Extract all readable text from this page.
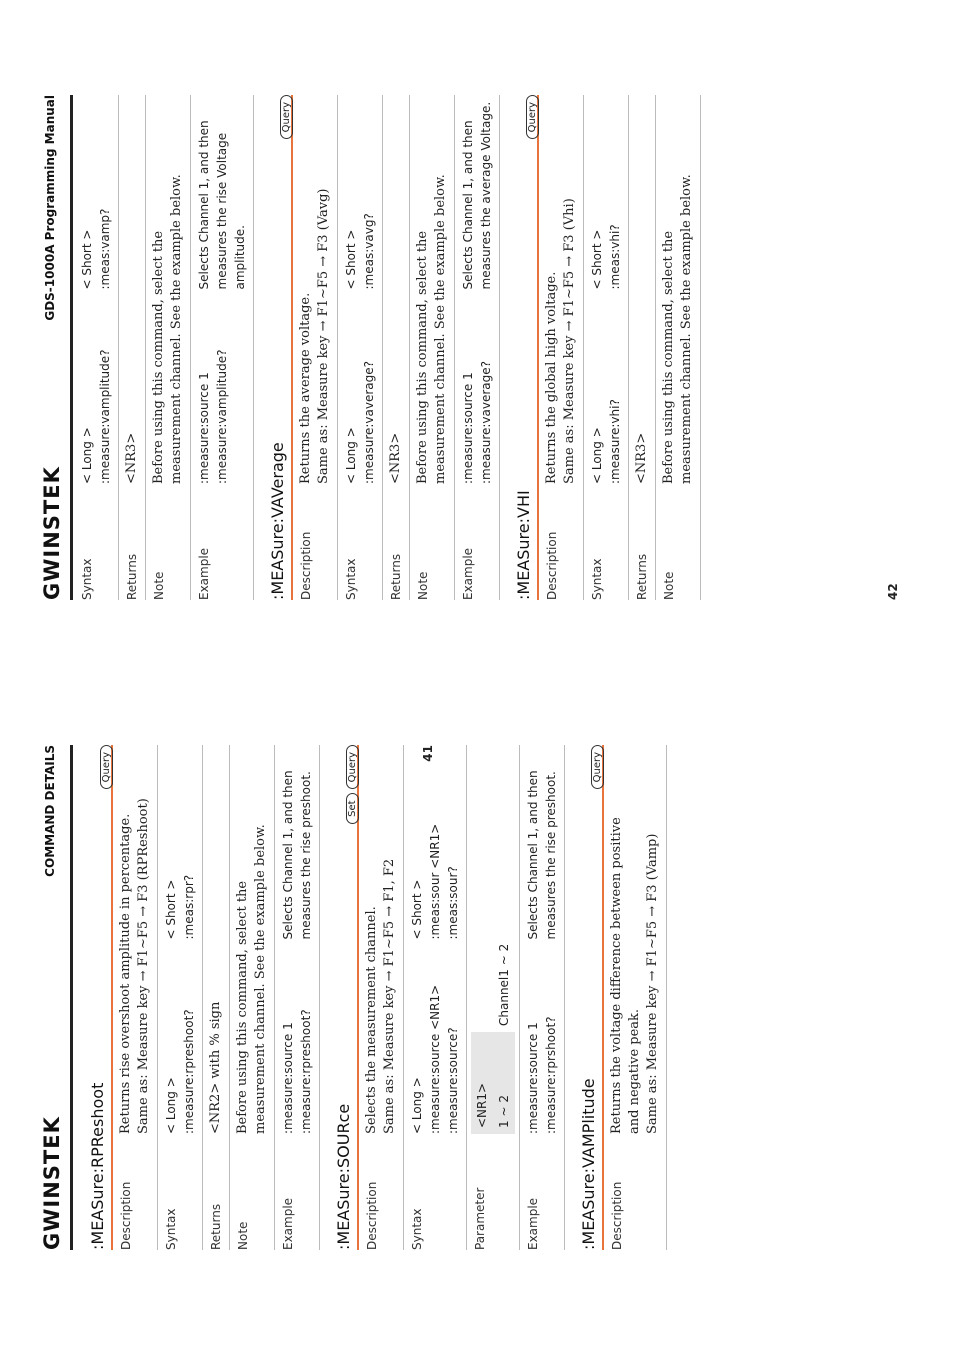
GWINSTEK
COMMAND DETAILS
:MEASure:RPReshoot
Query
Description
Returns rise overshoot amplitude in percentage. Same as: Measure key → F1~F5 → F3 (RPReshoot)
Syntax
< Long > :measure:rpreshoot?
< Short > :meas:rpr?
Returns
<NR2> with % sign
Note
Before using this command, select the measurement channel. See the example below.
Example
:measure:source 1 :measure:rpreshoot?
Selects Channel 1, and then measures the rise preshoot.
:MEASure:SOURce
SetQuery
Description
Selects the measurement channel. Same as: Measure key → F1~F5 → F1, F2
Syntax
< Long > :measure:source <NR1> :measure:source?
< Short > :meas:sour <NR1> :meas:sour?
Parameter
<NR1> 1 ~ 2
Channel1 ~ 2
Example
:measure:source 1 :measure:rprshoot?
Selects Channel 1, and then measures the rise preshoot.
:MEASure:VAMPlitude
Query
Description
Returns the voltage difference between positive and negative peak. Same as: Measure key → F1~F5 → F3 (Vamp)
41
GWINSTEK
GDS-1000A Programming Manual
Syntax
< Long > :measure:vamplitude?
< Short > :meas:vamp?
Returns
<NR3>
Note
Before using this command, select the measurement channel. See the example below.
Example
:measure:source 1 :measure:vamplitude?
Selects Channel 1, and then measures the rise Voltage amplitude.
:MEASure:VAVerage
Query
Description
Returns the average voltage. Same as: Measure key → F1~F5 → F3 (Vavg)
Syntax
< Long > :measure:vaverage?
< Short > :meas:vavg?
Returns
<NR3>
Note
Before using this command, select the measurement channel. See the example below.
Example
:measure:source 1 :measure:vaverage?
Selects Channel 1, and then measures the average Voltage.
:MEASure:VHI
Query
Description
Returns the global high voltage. Same as: Measure key → F1~F5 → F3 (Vhi)
Syntax
< Long > :measure:vhi?
< Short > :meas:vhi?
Returns
<NR3>
Note
Before using this command, select the measurement channel. See the example below.
42
